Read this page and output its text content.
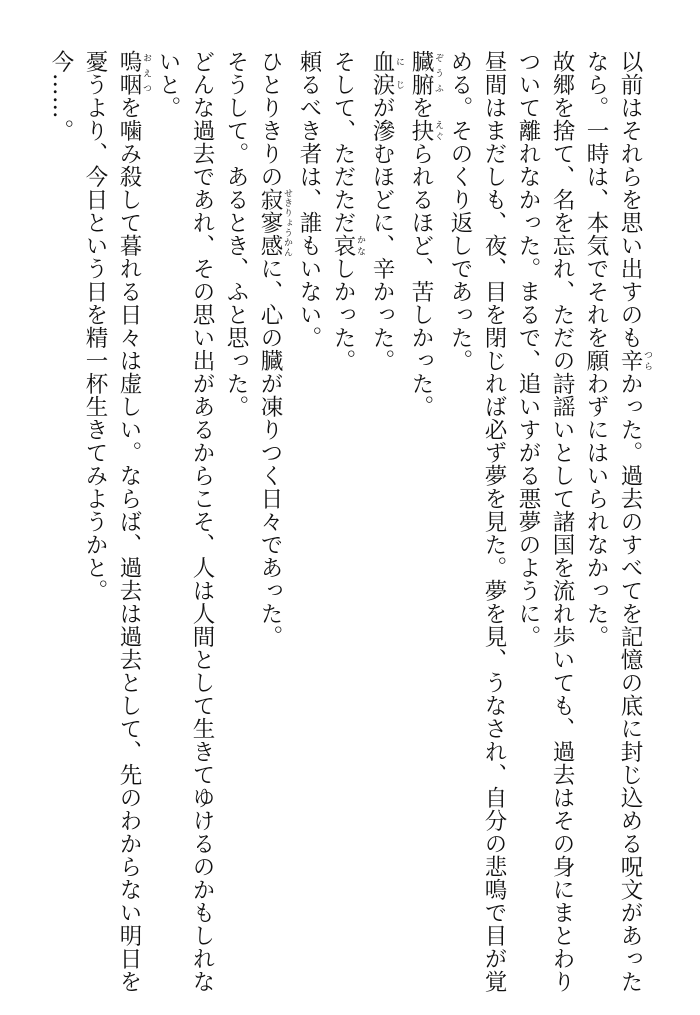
以前はそれらを思い出すのも辛 つらかった。過去のすべてを記憶の底に封じ込める呪文があった
なら。一時は、本気でそれを願わずにはいられなかった。
故郷を捨て、名を忘れ、ただの詩謡いとして諸国を流れ歩いても、過去はその身にまとわり
ついて離れなかった。まるで、追いすがる悪夢のように。
昼間はまだしも、夜、目を閉じれば必ず夢を見た。夢を見、うなされ、自分の悲鳴で目が覚
める。そのくり返しであった。
臓腑 ぞうふを抉 えぐられるほど、苦しかった。
血涙 にじが滲むほどに、辛かった。
そして、ただただ哀 かなしかった。
頼るべき者は、誰もいない。
ひとりきりの寂寥感 せきりょうかんに、心の臓が凍りつく日々であった。
そうして。あるとき、ふと思った。
どんな過去であれ、その思い出があるからこそ、人は人間として生きてゆけるのかもしれな
いと。
嗚咽 おえつを噛み殺して暮れる日々は虚しい。ならば、過去は過去として、先のわからない明日を
憂うより、今日という日を精一杯生きてみようかと。
今……。
